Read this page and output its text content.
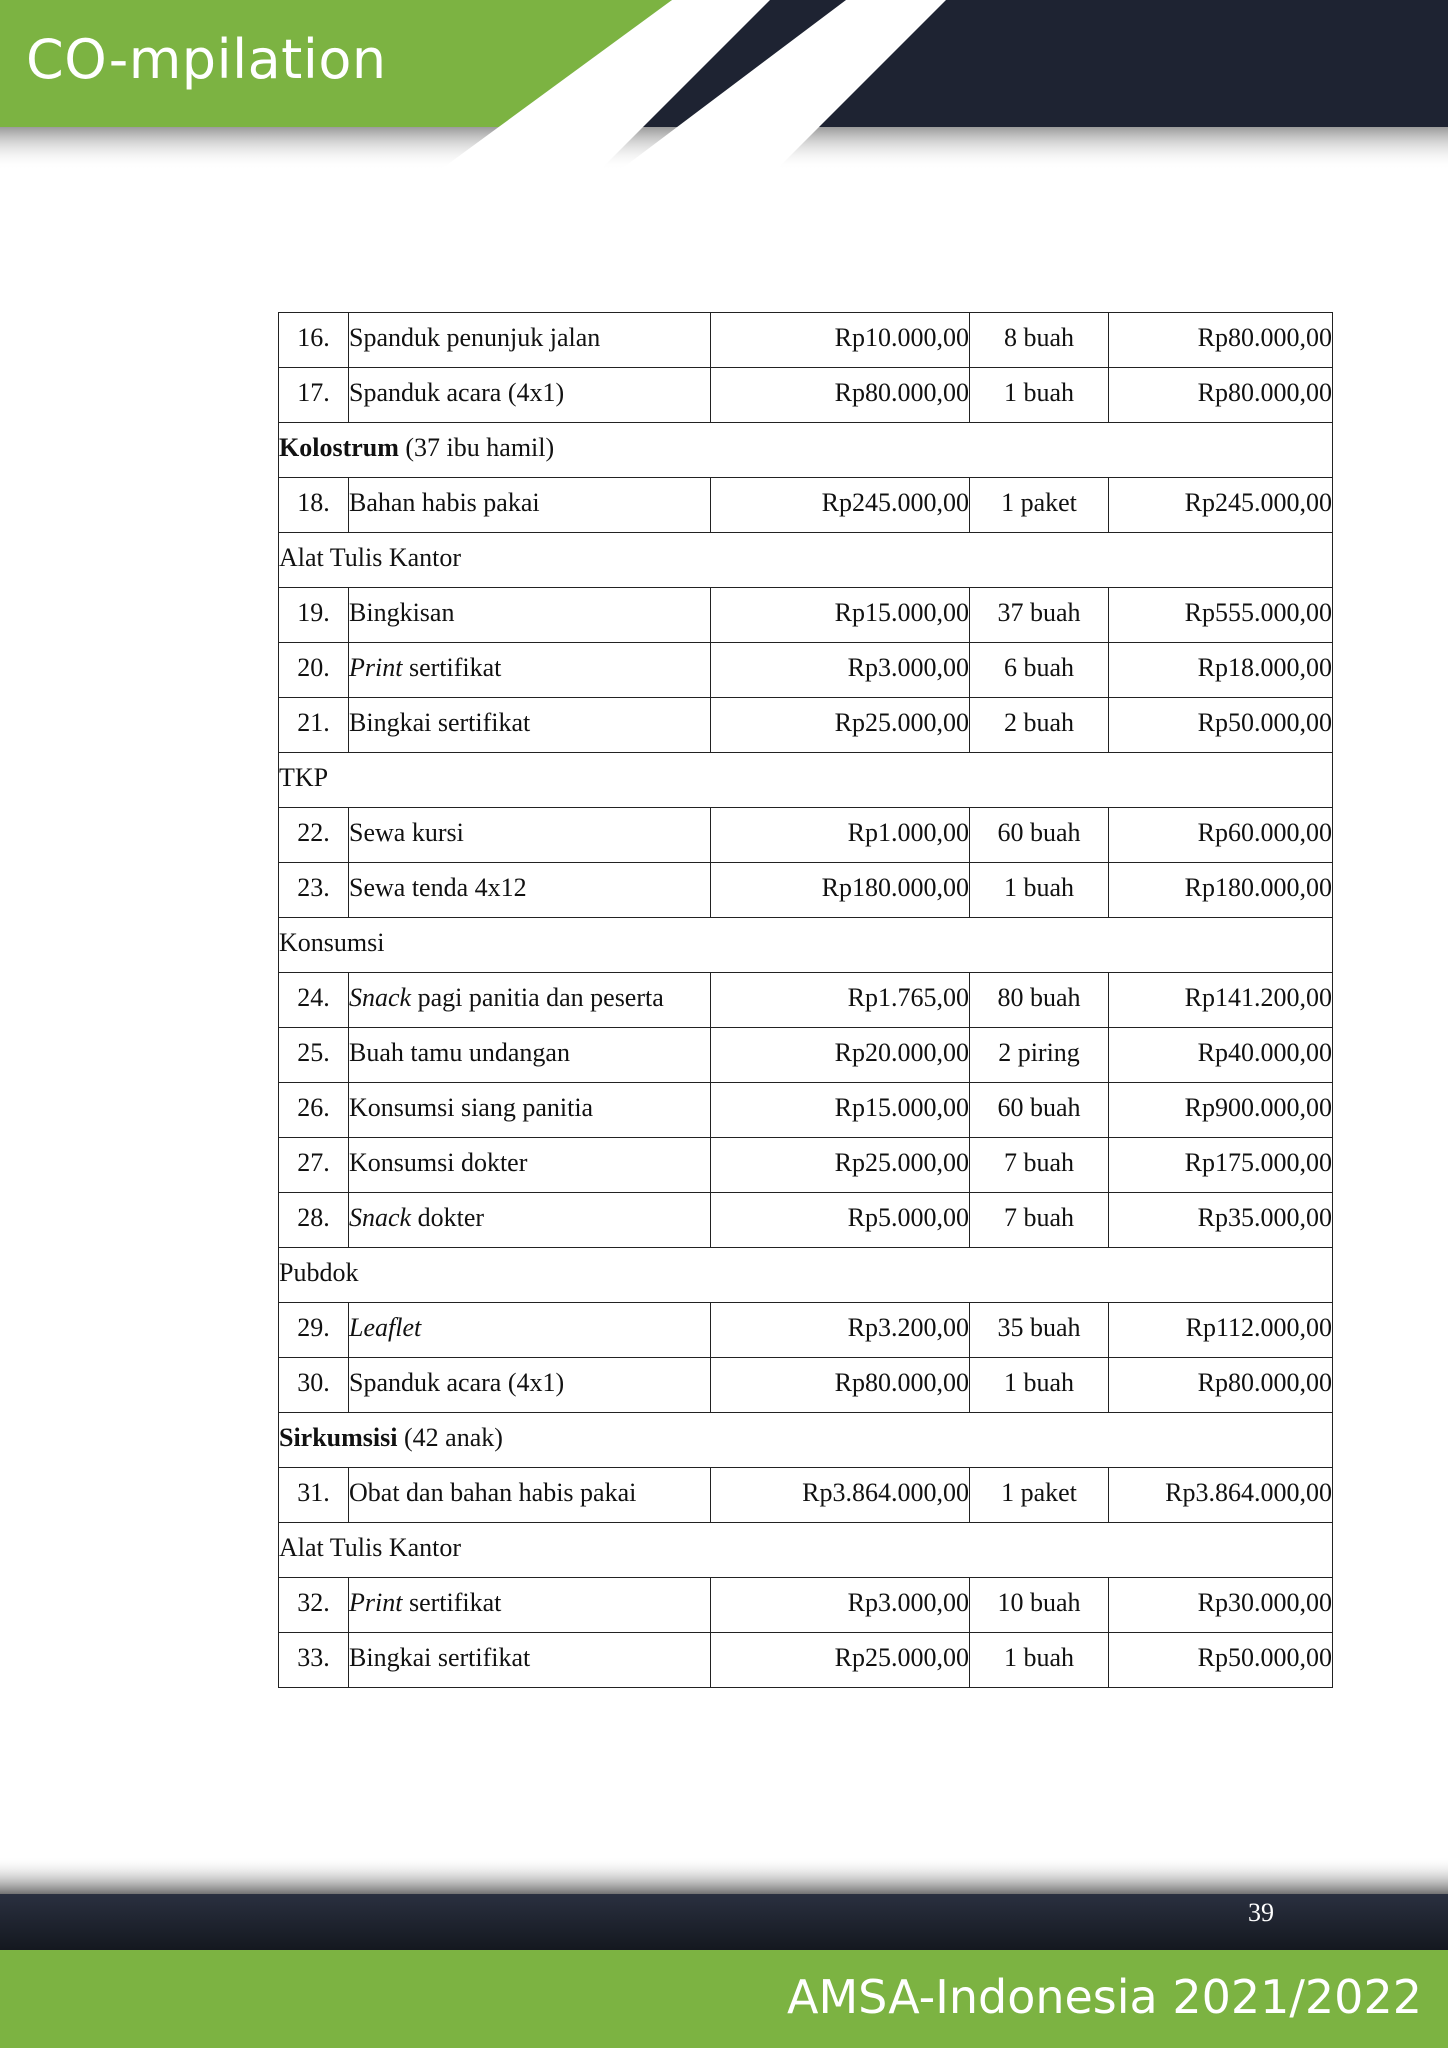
CO-mpilation
16.	Spanduk penunjuk jalan	Rp10.000,00	8 buah	Rp80.000,00
17.	Spanduk acara (4x1)	Rp80.000,00	1 buah	Rp80.000,00
Kolostrum (37 ibu hamil)				
18.	Bahan habis pakai	Rp245.000,00	1 paket	Rp245.000,00
Alat Tulis Kantor				
19.	Bingkisan	Rp15.000,00	37 buah	Rp555.000,00
20.	Print sertifikat	Rp3.000,00	6 buah	Rp18.000,00
21.	Bingkai sertifikat	Rp25.000,00	2 buah	Rp50.000,00
TKP				
22.	Sewa kursi	Rp1.000,00	60 buah	Rp60.000,00
23.	Sewa tenda 4x12	Rp180.000,00	1 buah	Rp180.000,00
Konsumsi				
24.	Snack pagi panitia dan peserta	Rp1.765,00	80 buah	Rp141.200,00
25.	Buah tamu undangan	Rp20.000,00	2 piring	Rp40.000,00
26.	Konsumsi siang panitia	Rp15.000,00	60 buah	Rp900.000,00
27.	Konsumsi dokter	Rp25.000,00	7 buah	Rp175.000,00
28.	Snack dokter	Rp5.000,00	7 buah	Rp35.000,00
Pubdok				
29.	Leaflet	Rp3.200,00	35 buah	Rp112.000,00
30.	Spanduk acara (4x1)	Rp80.000,00	1 buah	Rp80.000,00
Sirkumsisi (42 anak)				
31.	Obat dan bahan habis pakai	Rp3.864.000,00	1 paket	Rp3.864.000,00
Alat Tulis Kantor				
32.	Print sertifikat	Rp3.000,00	10 buah	Rp30.000,00
33.	Bingkai sertifikat	Rp25.000,00	1 buah	Rp50.000,00
39
AMSA-Indonesia 2021/2022
